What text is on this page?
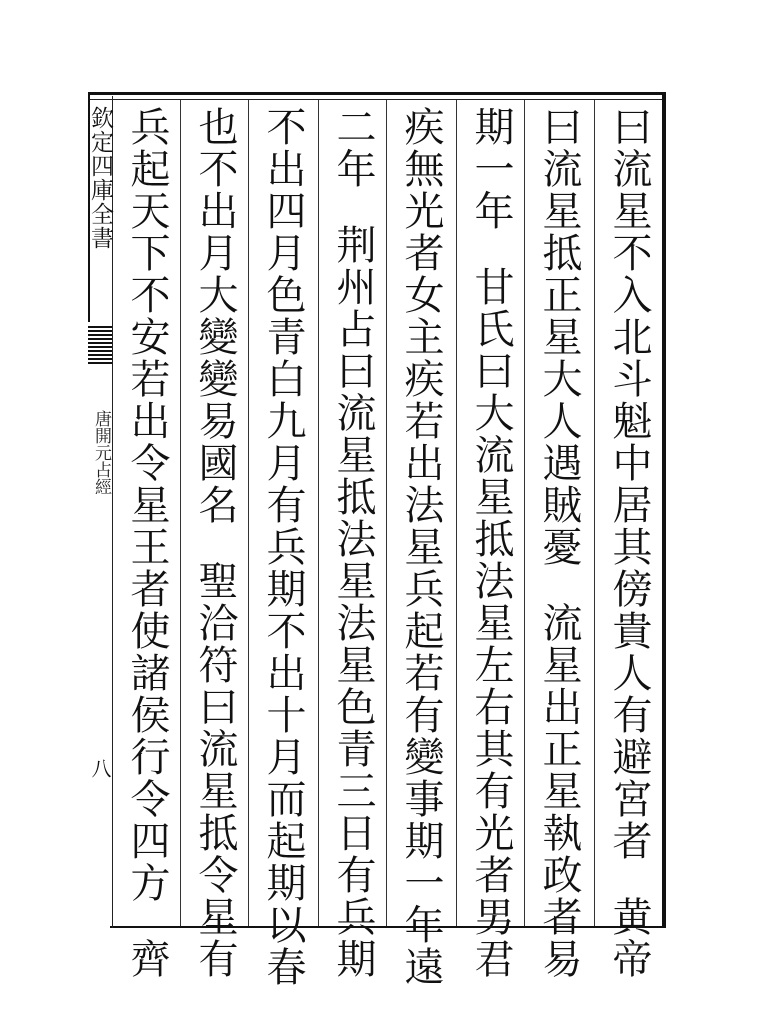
欽定四庫全書
唐開元占經
八	曰流星不入北斗魁中居其傍貴人有避宮者黄帝
曰流星抵正星大人遇賊憂流星出正星執政者易
期一年甘氏曰大流星抵法星左右其有光者男君
疾無光者女主疾若出法星兵起若有變事期一年遠
二年荆州占曰流星抵法星法星色青三日有兵期
不出四月色青白九月有兵期不出十月而起期以春
也不出月大變變易國名聖洽符曰流星抵令星有
兵起天下不安若出令星王者使諸侯行令四方齊
